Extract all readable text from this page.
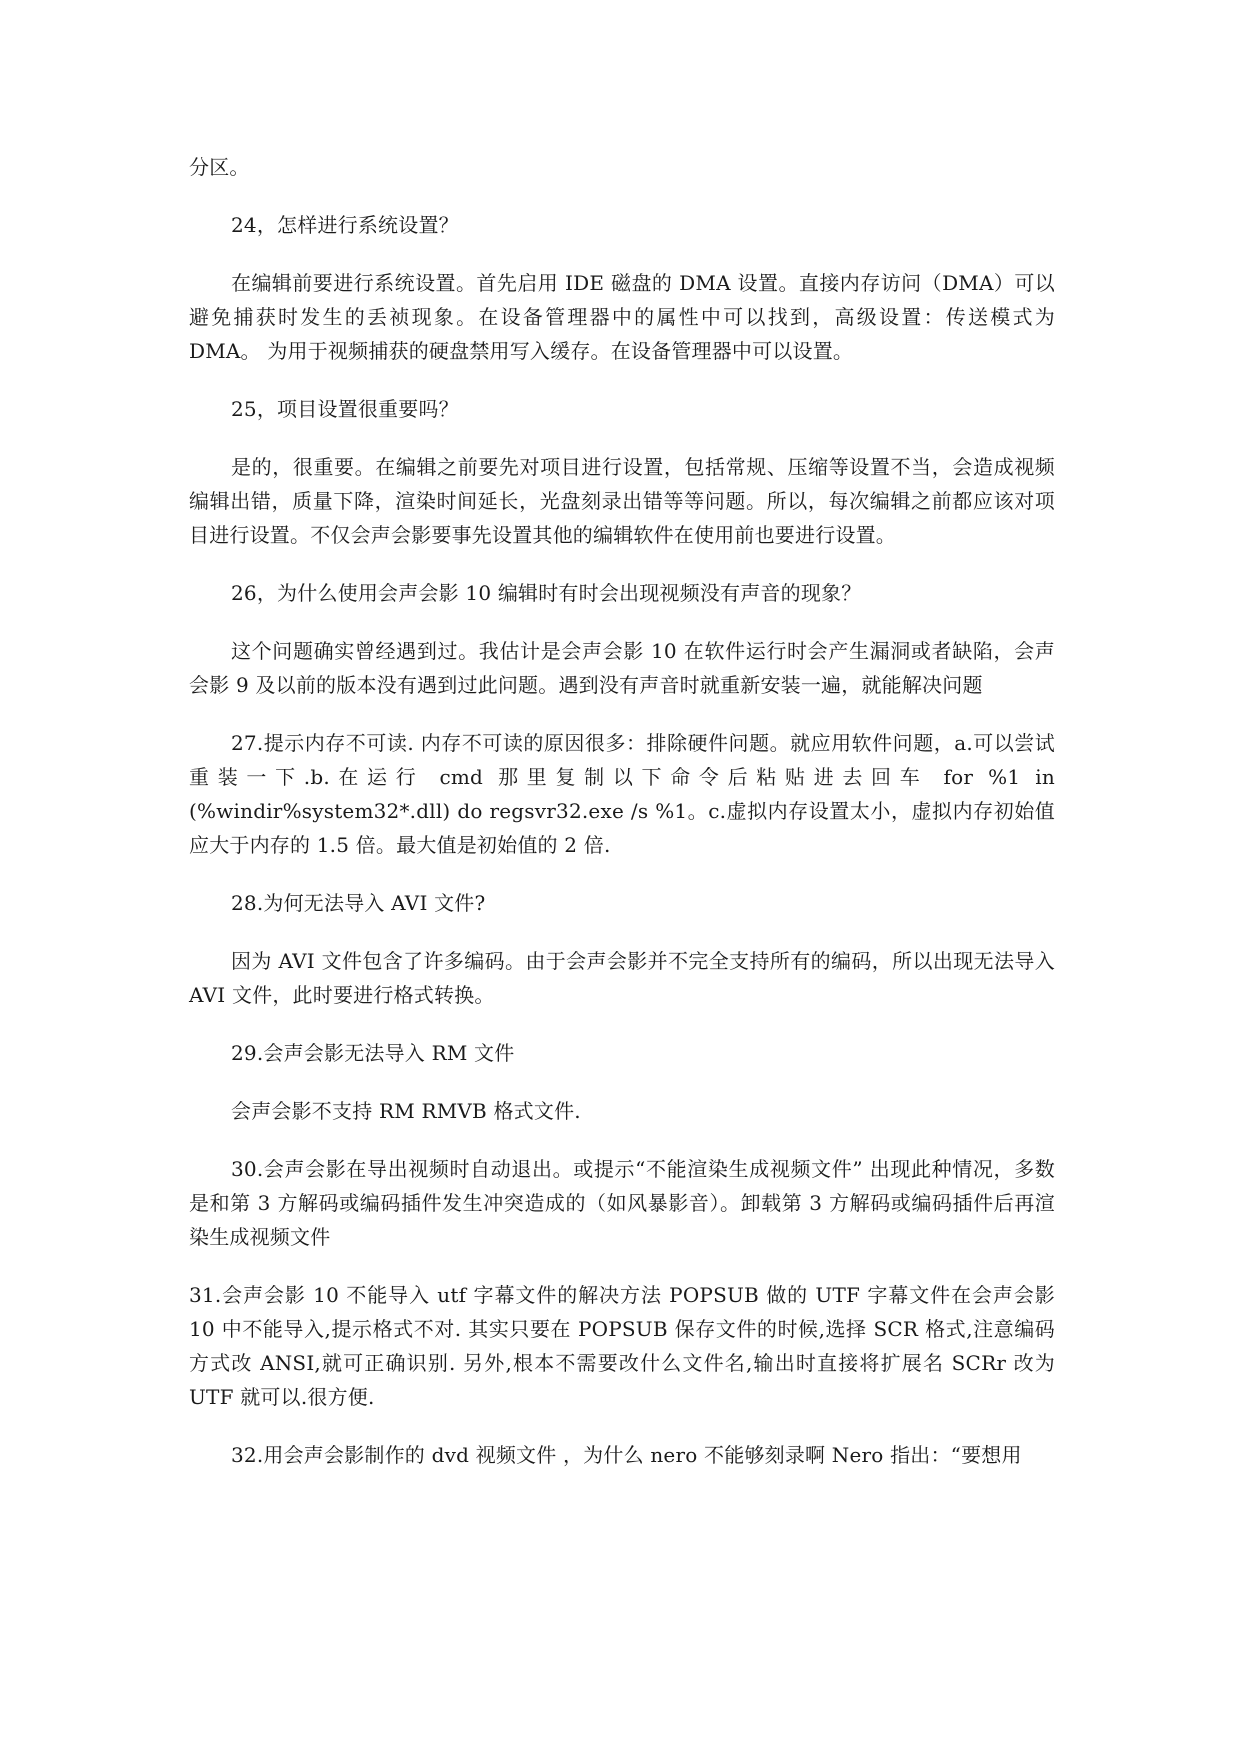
分区。

24，怎样进行系统设置？

在编辑前要进行系统设置。首先启用 IDE 磁盘的 DMA 设置。直接内存访问（DMA）可以避免捕获时发生的丢祯现象。在设备管理器中的属性中可以找到，高级设置：传送模式为 DMA。 为用于视频捕获的硬盘禁用写入缓存。在设备管理器中可以设置。

25，项目设置很重要吗？

是的，很重要。在编辑之前要先对项目进行设置，包括常规、压缩等设置不当，会造成视频编辑出错，质量下降，渲染时间延长，光盘刻录出错等等问题。所以，每次编辑之前都应该对项目进行设置。不仅会声会影要事先设置其他的编辑软件在使用前也要进行设置。

26，为什么使用会声会影 10 编辑时有时会出现视频没有声音的现象？

这个问题确实曾经遇到过。我估计是会声会影 10 在软件运行时会产生漏洞或者缺陷，会声会影 9 及以前的版本没有遇到过此问题。遇到没有声音时就重新安装一遍，就能解决问题

27.提示内存不可读. 内存不可读的原因很多：排除硬件问题。就应用软件问题，a.可以尝试重装一下.b.在运行 cmd 那里复制以下命令后粘贴进去回车 for %1 in (%windir%system32*.dll) do regsvr32.exe /s %1。c.虚拟内存设置太小，虚拟内存初始值应大于内存的 1.5 倍。最大值是初始值的 2 倍.

28.为何无法导入 AVI 文件?

因为 AVI 文件包含了许多编码。由于会声会影并不完全支持所有的编码，所以出现无法导入 AVI 文件，此时要进行格式转换。

29.会声会影无法导入 RM 文件

会声会影不支持 RM RMVB 格式文件.

30.会声会影在导出视频时自动退出。或提示“不能渲染生成视频文件” 出现此种情况，多数是和第 3 方解码或编码插件发生冲突造成的（如风暴影音）。卸载第 3 方解码或编码插件后再渲染生成视频文件

31.会声会影 10 不能导入 utf 字幕文件的解决方法 POPSUB 做的 UTF 字幕文件在会声会影 10 中不能导入,提示格式不对. 其实只要在 POPSUB 保存文件的时候,选择 SCR 格式,注意编码方式改 ANSI,就可正确识别. 另外,根本不需要改什么文件名,输出时直接将扩展名 SCRr 改为 UTF 就可以.很方便.

32.用会声会影制作的 dvd 视频文件 ，为什么 nero 不能够刻录啊 Nero 指出：“要想用
